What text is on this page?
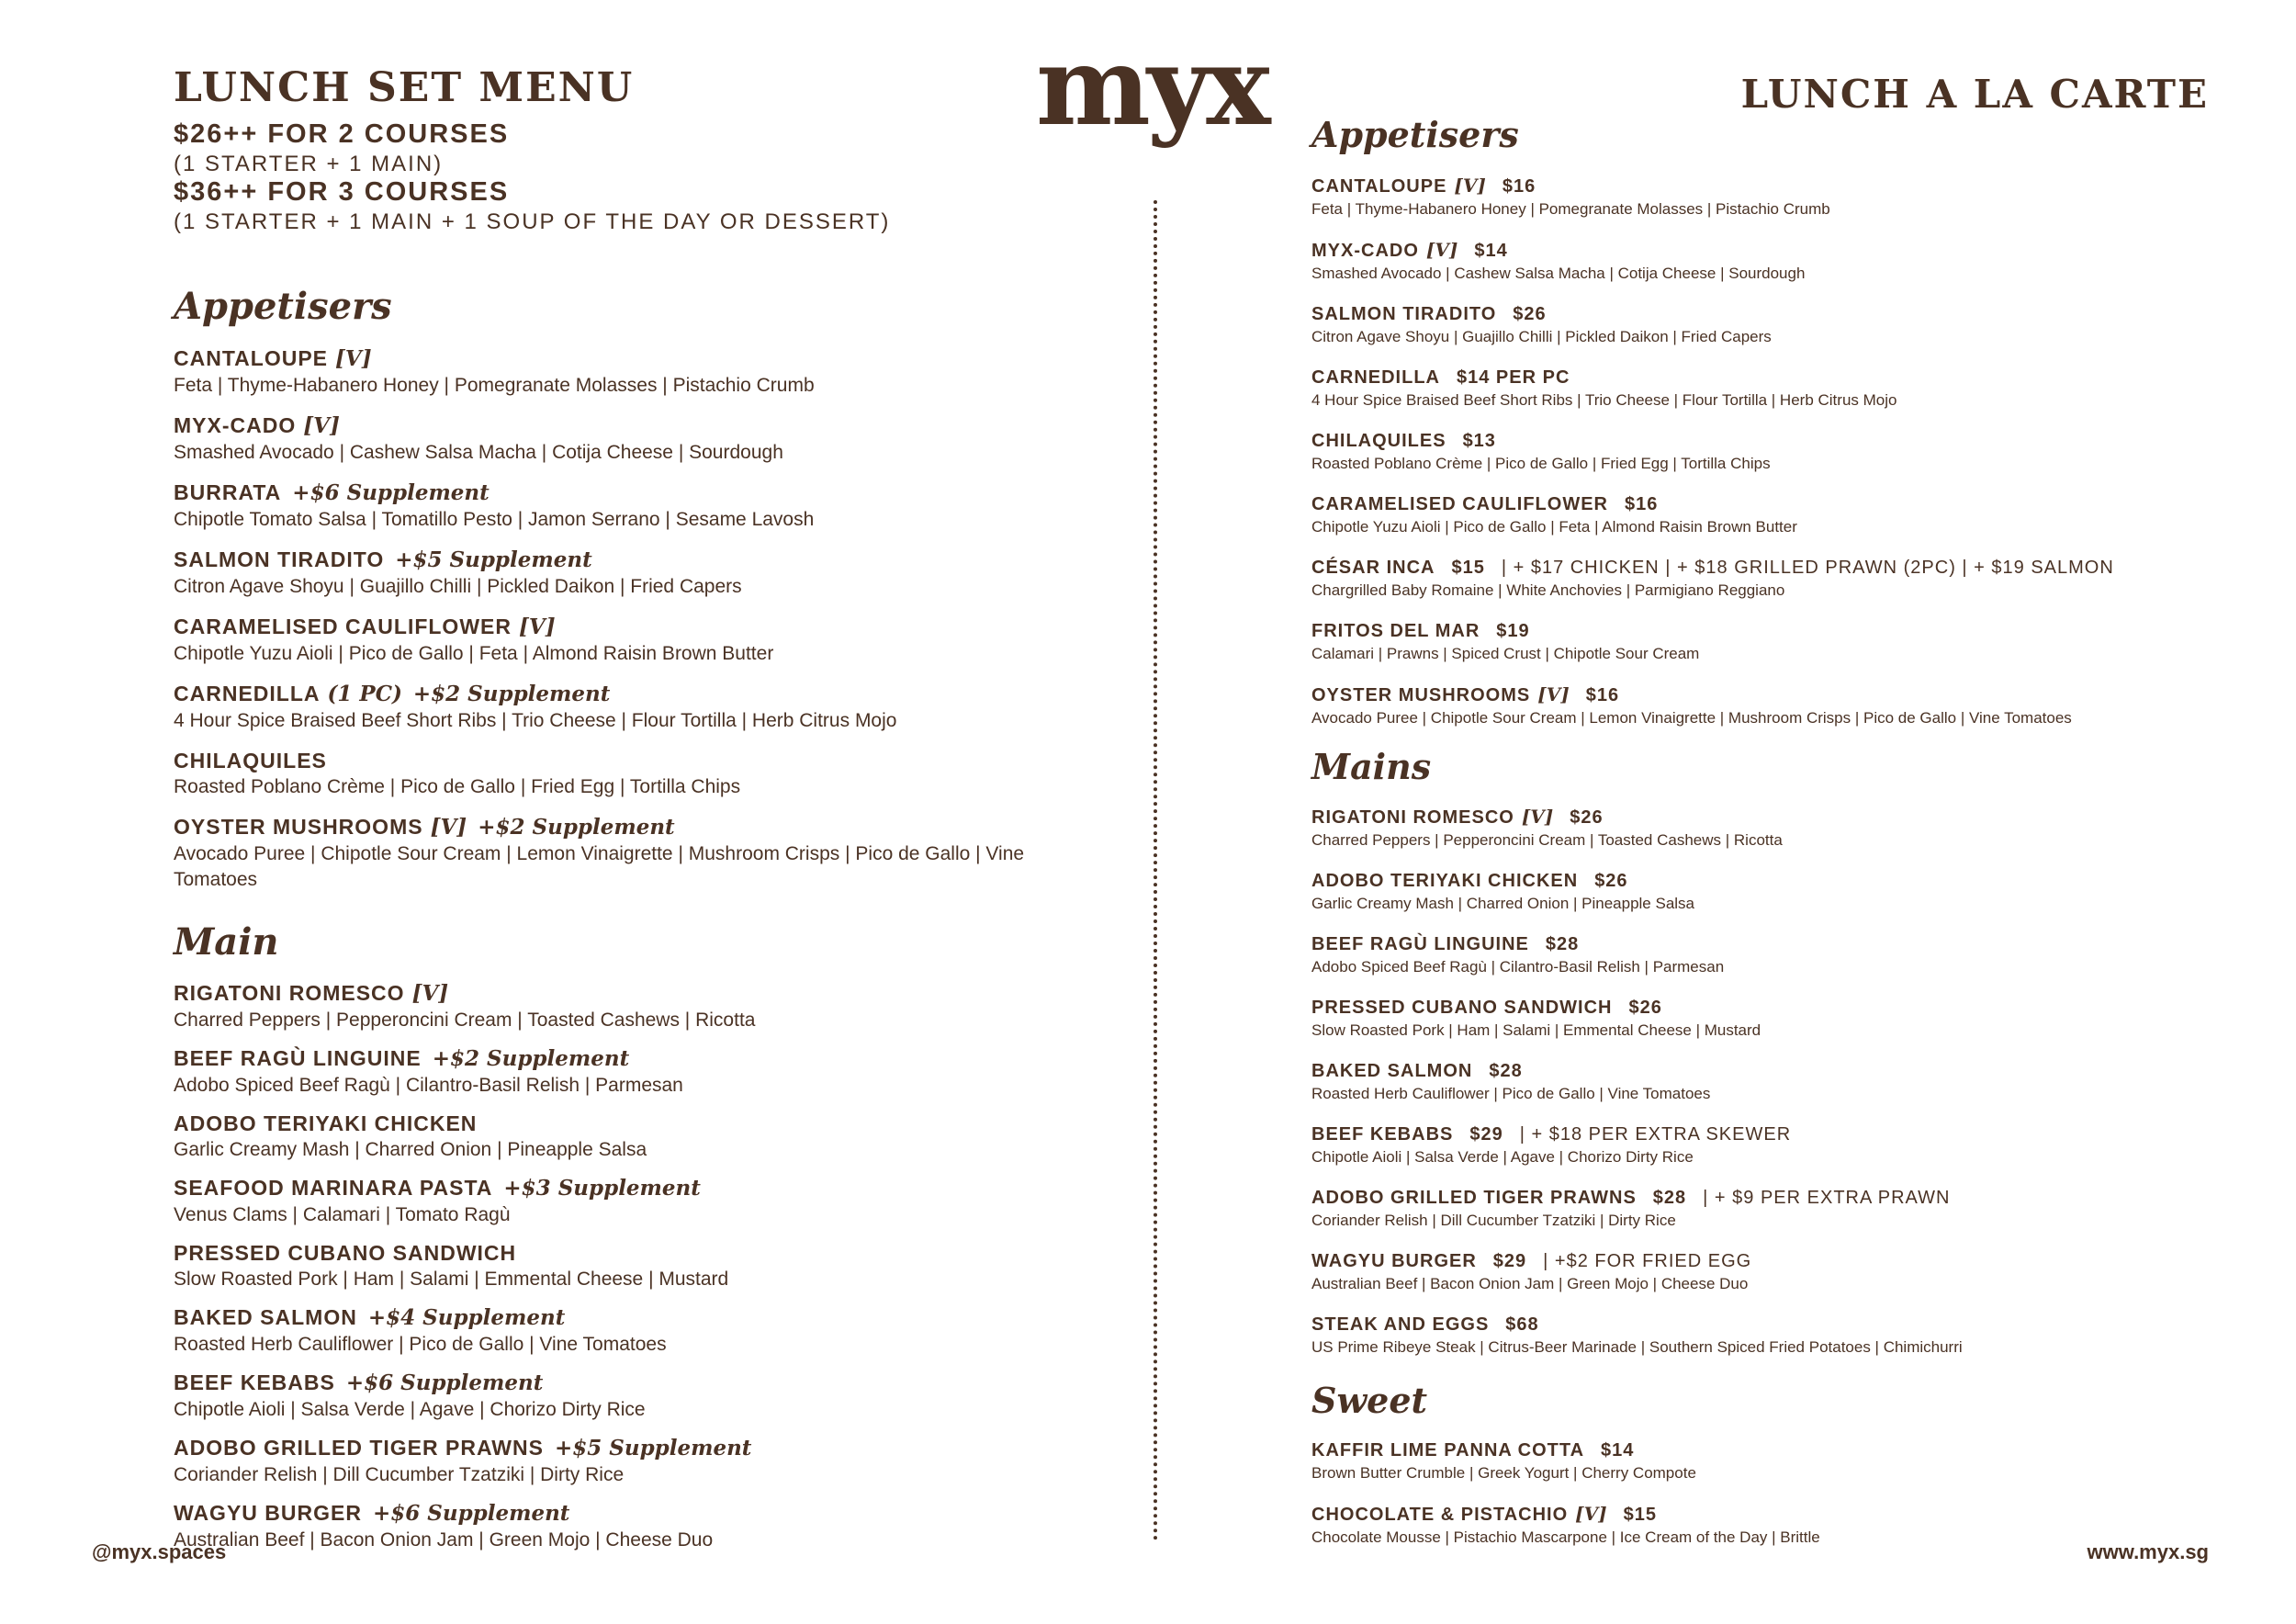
LUNCH SET MENU
$26++ FOR 2 COURSES
(1 STARTER + 1 MAIN)
$36++ FOR 3 COURSES
(1 STARTER + 1 MAIN + 1 SOUP OF THE DAY OR DESSERT)
myx	LUNCH A LA CARTE
Appetisers
CANTALOUPE [V]
Feta | Thyme-Habanero Honey | Pomegranate Molasses | Pistachio Crumb
MYX-CADO [V]
Smashed Avocado | Cashew Salsa Macha | Cotija Cheese | Sourdough
BURRATA +$6 Supplement
Chipotle Tomato Salsa | Tomatillo Pesto | Jamon Serrano | Sesame Lavosh
SALMON TIRADITO +$5 Supplement
Citron Agave Shoyu | Guajillo Chilli | Pickled Daikon | Fried Capers
CARAMELISED CAULIFLOWER [V]
Chipotle Yuzu Aioli | Pico de Gallo | Feta | Almond Raisin Brown Butter
CARNEDILLA (1 PC) +$2 Supplement
4 Hour Spice Braised Beef Short Ribs | Trio Cheese | Flour Tortilla | Herb Citrus Mojo
CHILAQUILES
Roasted Poblano Crème | Pico de Gallo | Fried Egg | Tortilla Chips
OYSTER MUSHROOMS [V] +$2 Supplement
Avocado Puree | Chipotle Sour Cream | Lemon Vinaigrette | Mushroom Crisps | Pico de Gallo | Vine Tomatoes
Main
RIGATONI ROMESCO [V]
Charred Peppers | Pepperoncini Cream | Toasted Cashews | Ricotta
BEEF RAGÙ LINGUINE +$2 Supplement
Adobo Spiced Beef Ragù | Cilantro-Basil Relish | Parmesan
ADOBO TERIYAKI CHICKEN
Garlic Creamy Mash | Charred Onion | Pineapple Salsa
SEAFOOD MARINARA PASTA +$3 Supplement
Venus Clams | Calamari | Tomato Ragù
PRESSED CUBANO SANDWICH
Slow Roasted Pork | Ham | Salami | Emmental Cheese | Mustard
BAKED SALMON +$4 Supplement
Roasted Herb Cauliflower | Pico de Gallo | Vine Tomatoes
BEEF KEBABS +$6 Supplement
Chipotle Aioli | Salsa Verde | Agave | Chorizo Dirty Rice
ADOBO GRILLED TIGER PRAWNS +$5 Supplement
Coriander Relish | Dill Cucumber Tzatziki | Dirty Rice
WAGYU BURGER +$6 Supplement
Australian Beef | Bacon Onion Jam | Green Mojo | Cheese Duo
Appetisers
CANTALOUPE [V] $16
Feta | Thyme-Habanero Honey | Pomegranate Molasses | Pistachio Crumb
MYX-CADO [V] $14
Smashed Avocado | Cashew Salsa Macha | Cotija Cheese | Sourdough
SALMON TIRADITO $26
Citron Agave Shoyu | Guajillo Chilli | Pickled Daikon | Fried Capers
CARNEDILLA $14 PER PC
4 Hour Spice Braised Beef Short Ribs | Trio Cheese | Flour Tortilla | Herb Citrus Mojo
CHILAQUILES $13
Roasted Poblano Crème | Pico de Gallo | Fried Egg | Tortilla Chips
CARAMELISED CAULIFLOWER $16
Chipotle Yuzu Aioli | Pico de Gallo | Feta | Almond Raisin Brown Butter
CÉSAR INCA $15 | + $17 CHICKEN | + $18 GRILLED PRAWN (2PC) | + $19 SALMON
Chargrilled Baby Romaine | White Anchovies | Parmigiano Reggiano
FRITOS DEL MAR $19
Calamari | Prawns | Spiced Crust | Chipotle Sour Cream
OYSTER MUSHROOMS [V] $16
Avocado Puree | Chipotle Sour Cream | Lemon Vinaigrette | Mushroom Crisps | Pico de Gallo | Vine Tomatoes
Mains
RIGATONI ROMESCO [V] $26
Charred Peppers | Pepperoncini Cream | Toasted Cashews | Ricotta
ADOBO TERIYAKI CHICKEN $26
Garlic Creamy Mash | Charred Onion | Pineapple Salsa
BEEF RAGÙ LINGUINE $28
Adobo Spiced Beef Ragù | Cilantro-Basil Relish | Parmesan
PRESSED CUBANO SANDWICH $26
Slow Roasted Pork | Ham | Salami | Emmental Cheese | Mustard
BAKED SALMON $28
Roasted Herb Cauliflower | Pico de Gallo | Vine Tomatoes
BEEF KEBABS $29 | + $18 PER EXTRA SKEWER
Chipotle Aioli | Salsa Verde | Agave | Chorizo Dirty Rice
ADOBO GRILLED TIGER PRAWNS $28 | + $9 PER EXTRA PRAWN
Coriander Relish | Dill Cucumber Tzatziki | Dirty Rice
WAGYU BURGER $29 | +$2 FOR FRIED EGG
Australian Beef | Bacon Onion Jam | Green Mojo | Cheese Duo
STEAK AND EGGS $68
US Prime Ribeye Steak | Citrus-Beer Marinade | Southern Spiced Fried Potatoes | Chimichurri
Sweet
KAFFIR LIME PANNA COTTA $14
Brown Butter Crumble | Greek Yogurt | Cherry Compote
CHOCOLATE & PISTACHIO [V] $15
Chocolate Mousse | Pistachio Mascarpone | Ice Cream of the Day | Brittle
@myx.spaces	www.myx.sg
